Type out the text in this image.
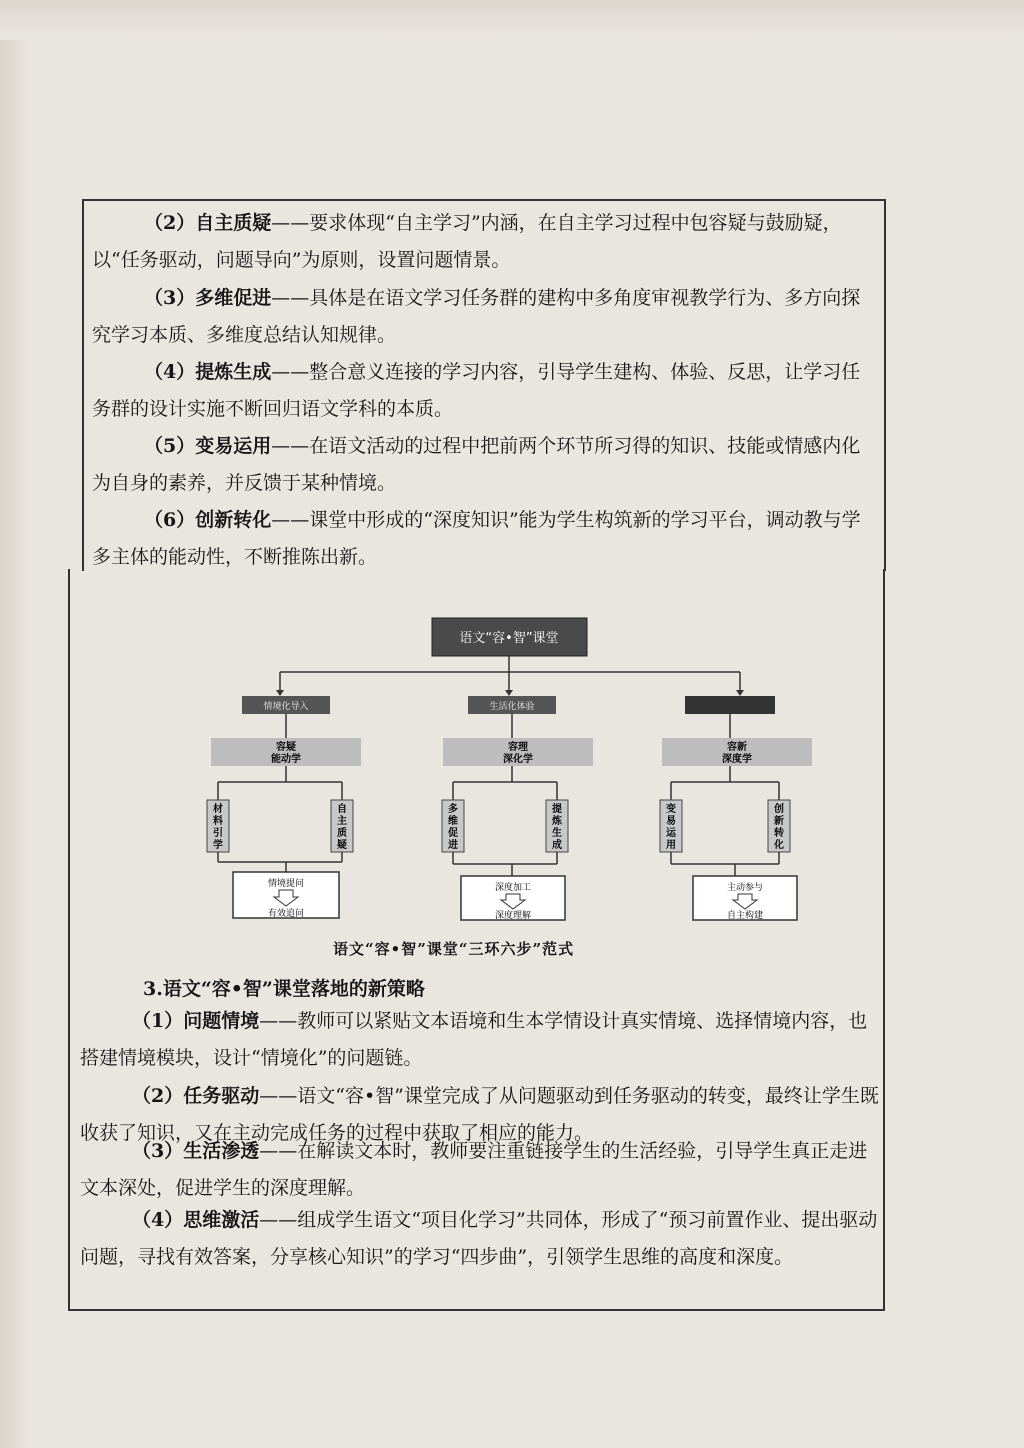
（2）自主质疑——要求体现“自主学习”内涵，在自主学习过程中包容疑与鼓励疑，以“任务驱动，问题导向”为原则，设置问题情景。

（3）多维促进——具体是在语文学习任务群的建构中多角度审视教学行为、多方向探究学习本质、多维度总结认知规律。

（4）提炼生成——整合意义连接的学习内容，引导学生建构、体验、反思，让学习任务群的设计实施不断回归语文学科的本质。

（5）变易运用——在语文活动的过程中把前两个环节所习得的知识、技能或情感内化为自身的素养，并反馈于某种情境。

（6）创新转化——课堂中形成的“深度知识”能为学生构筑新的学习平台，调动教与学多主体的能动性，不断推陈出新。

语文“容•智”课堂
情境化导入
容疑
能动学
材
料
引
学
自
主
质
疑
情境提问
有效追问
生活化体验
容理
深化学
多
维
促
进
提
炼
生
成
深度加工
深度理解
容新
深度学
变
易
运
用
创
新
转
化
主动参与
自主构建
语文“容•智”课堂“三环六步”范式

3.语文“容•智”课堂落地的新策略

（1）问题情境——教师可以紧贴文本语境和生本学情设计真实情境、选择情境内容，也搭建情境模块，设计“情境化”的问题链。

（2）任务驱动——语文“容•智”课堂完成了从问题驱动到任务驱动的转变，最终让学生既收获了知识，又在主动完成任务的过程中获取了相应的能力。

（3）生活渗透——在解读文本时，教师要注重链接学生的生活经验，引导学生真正走进文本深处，促进学生的深度理解。

（4）思维激活——组成学生语文“项目化学习”共同体，形成了“预习前置作业、提出驱动问题，寻找有效答案，分享核心知识”的学习“四步曲”，引领学生思维的高度和深度。
